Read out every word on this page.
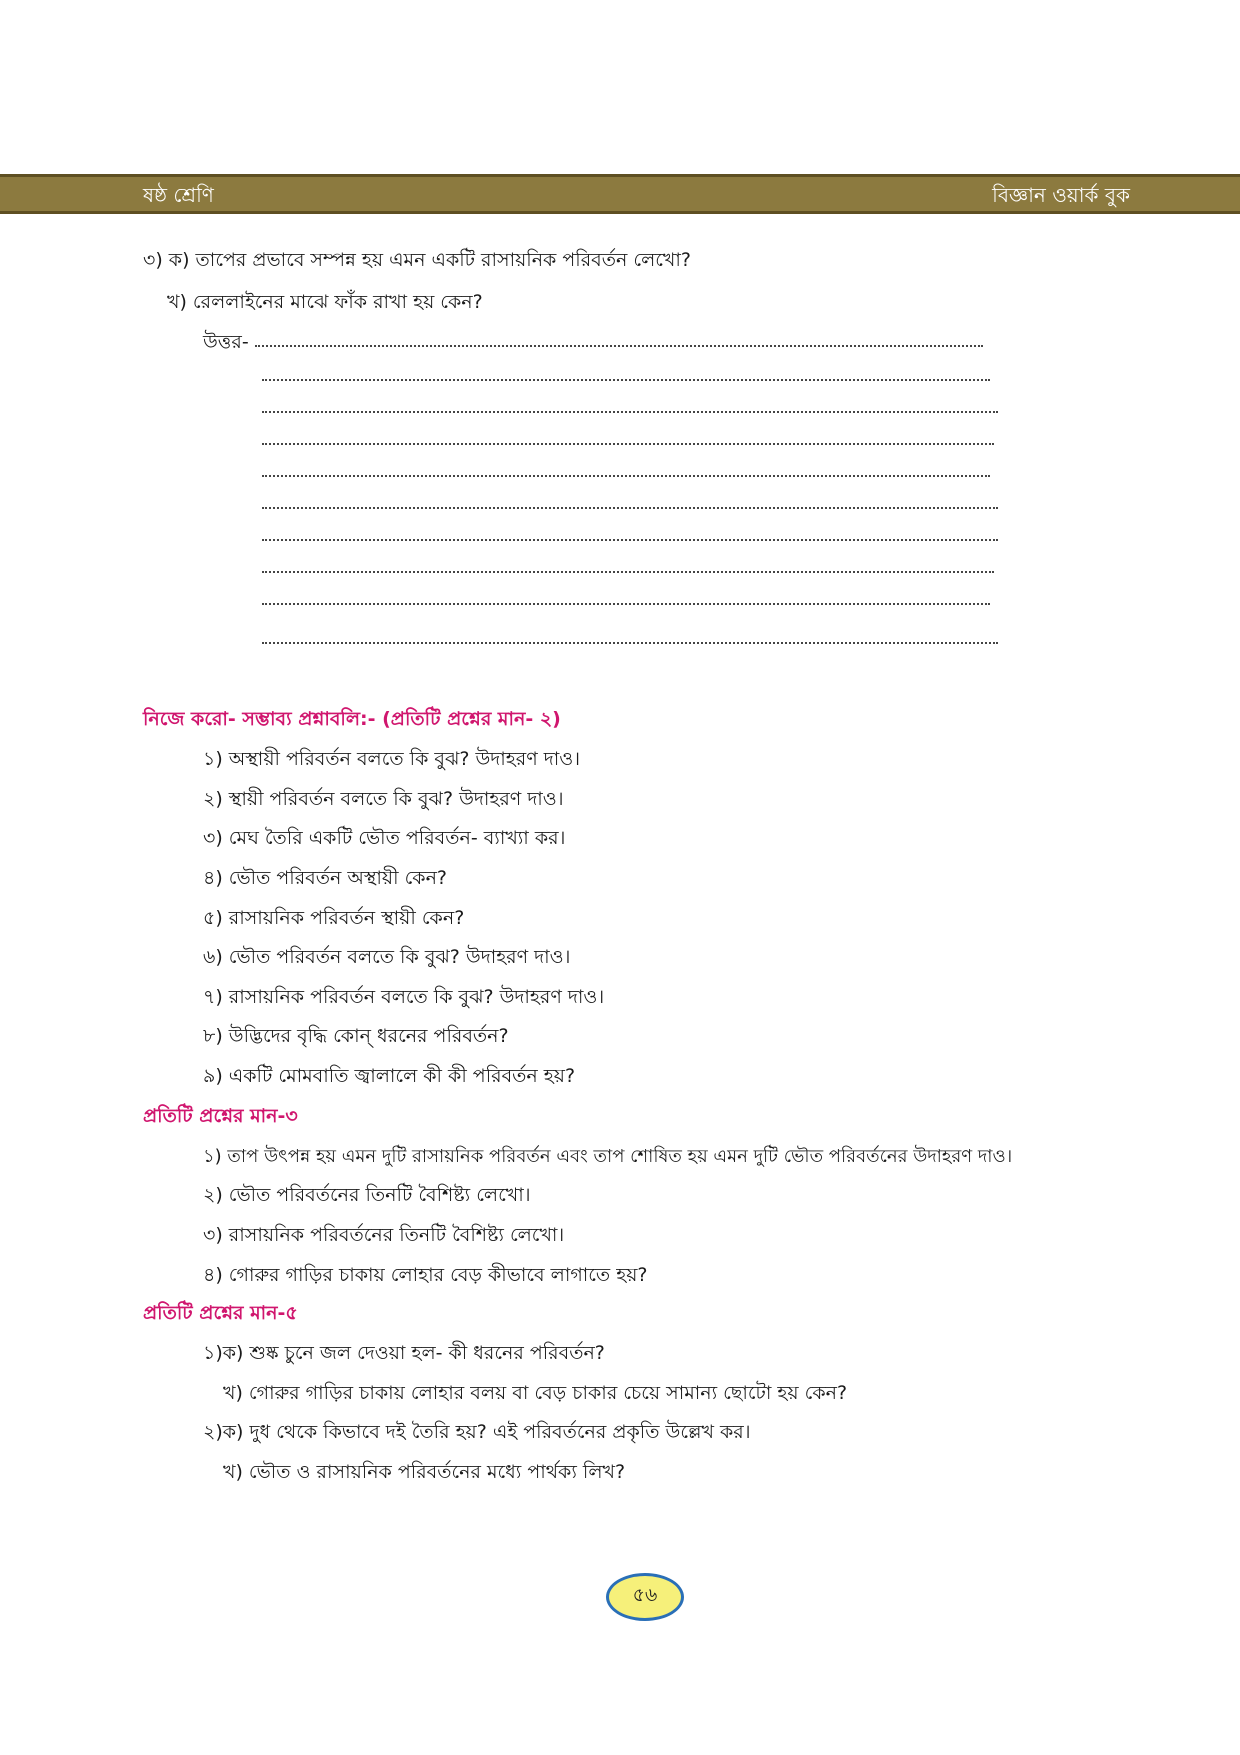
ষষ্ঠ শ্রেণি	বিজ্ঞান ওয়ার্ক বুক
৩) ক) তাপের প্রভাবে সম্পন্ন হয় এমন একটি রাসায়নিক পরিবর্তন লেখো?
খ) রেললাইনের মাঝে ফাঁক রাখা হয় কেন?
উত্তর-
নিজে করো- সম্ভাব্য প্রশ্নাবলি:- (প্রতিটি প্রশ্নের মান- ২)
১) অস্থায়ী পরিবর্তন বলতে কি বুঝ? উদাহরণ দাও।
২) স্থায়ী পরিবর্তন বলতে কি বুঝ? উদাহরণ দাও।
৩) মেঘ তৈরি একটি ভৌত পরিবর্তন- ব্যাখ্যা কর।
৪) ভৌত পরিবর্তন অস্থায়ী কেন?
৫) রাসায়নিক পরিবর্তন স্থায়ী কেন?
৬) ভৌত পরিবর্তন বলতে কি বুঝ? উদাহরণ দাও।
৭) রাসায়নিক পরিবর্তন বলতে কি বুঝ? উদাহরণ দাও।
৮) উদ্ভিদের বৃদ্ধি কোন্ ধরনের পরিবর্তন?
৯) একটি মোমবাতি জ্বালালে কী কী পরিবর্তন হয়?
প্রতিটি প্রশ্নের মান-৩
১) তাপ উৎপন্ন হয় এমন দুটি রাসায়নিক পরিবর্তন এবং তাপ শোষিত হয় এমন দুটি ভৌত পরিবর্তনের উদাহরণ দাও।
২) ভৌত পরিবর্তনের তিনটি বৈশিষ্ট্য লেখো।
৩) রাসায়নিক পরিবর্তনের তিনটি বৈশিষ্ট্য লেখো।
৪) গোরুর গাড়ির চাকায় লোহার বেড় কীভাবে লাগাতে হয়?
প্রতিটি প্রশ্নের মান-৫
১)ক) শুষ্ক চুনে জল দেওয়া হল- কী ধরনের পরিবর্তন?
খ) গোরুর গাড়ির চাকায় লোহার বলয় বা বেড় চাকার চেয়ে সামান্য ছোটো হয় কেন?
২)ক) দুধ থেকে কিভাবে দই তৈরি হয়? এই পরিবর্তনের প্রকৃতি উল্লেখ কর।
খ) ভৌত ও রাসায়নিক পরিবর্তনের মধ্যে পার্থক্য লিখ?
৫৬
